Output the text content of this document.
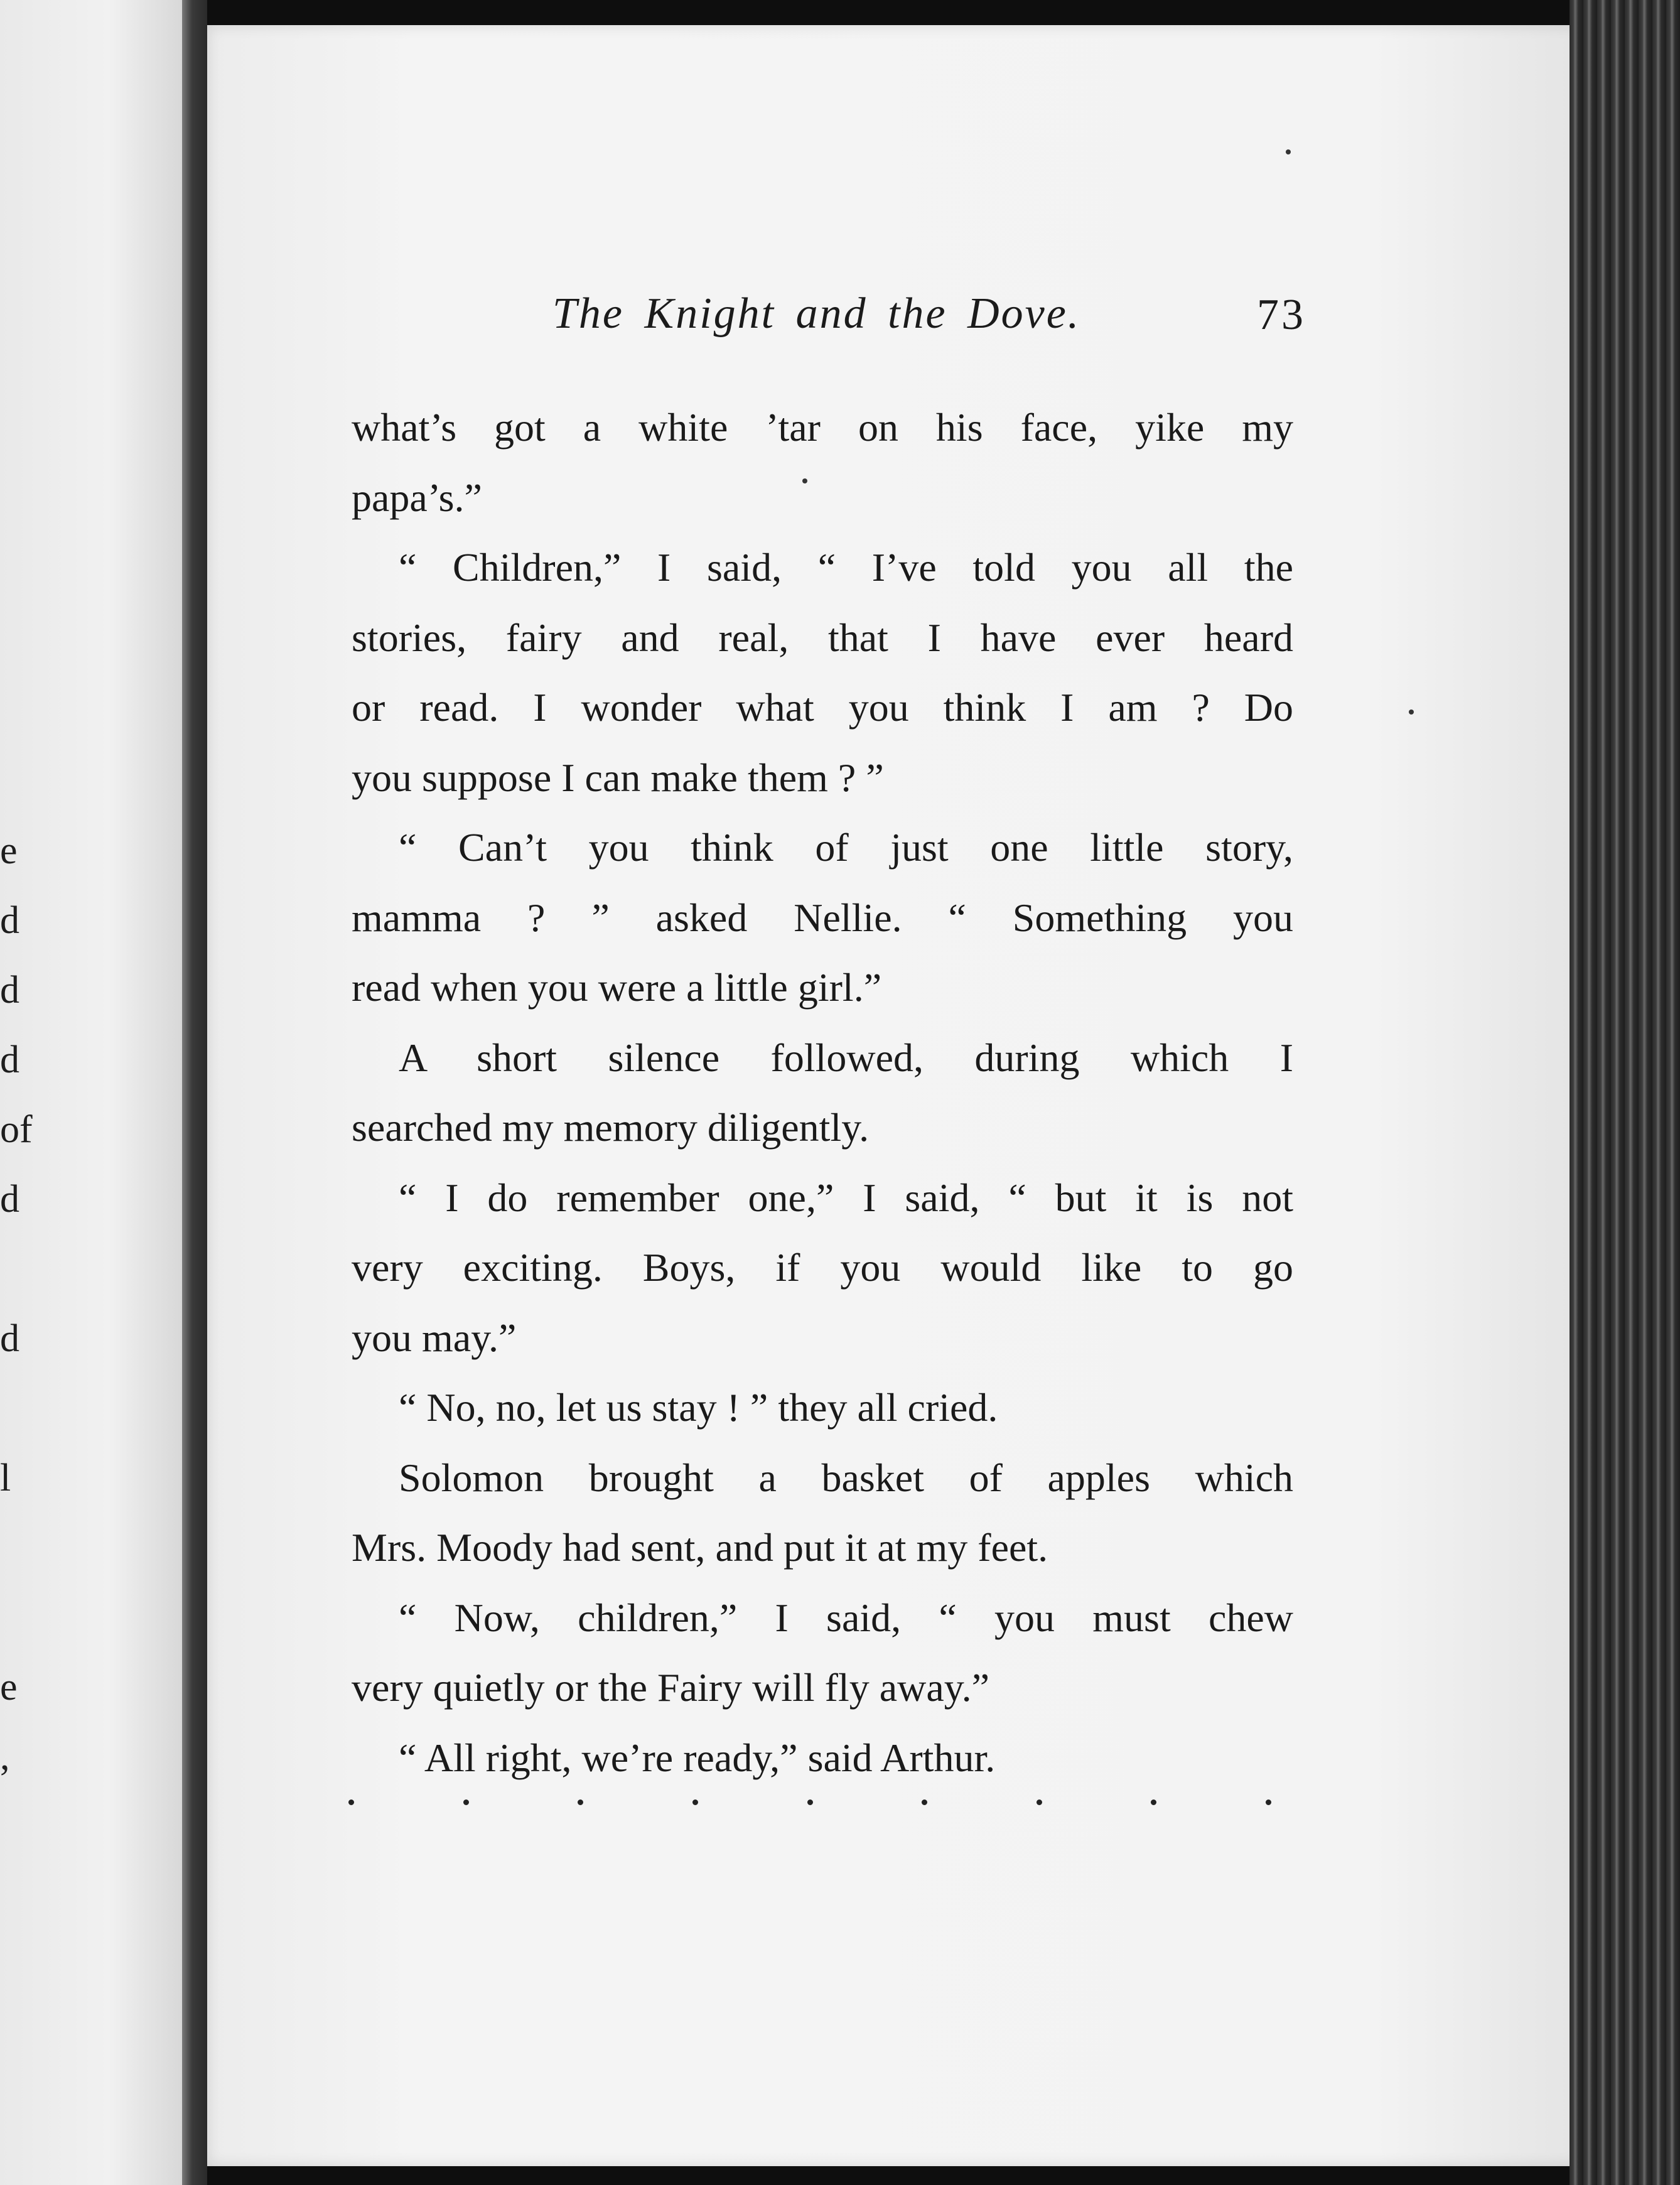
e
d
d
d
of
d
d
l
e
,
The Knight and the Dove.	73
what’s got a white ’tar on his face, yike my
papa’s.”
“ Children,” I said, “ I’ve told you all the
stories, fairy and real, that I have ever heard
or read. I wonder what you think I am ? Do
you suppose I can make them ? ”
“ Can’t you think of just one little story,
mamma ? ” asked Nellie. “ Something you
read when you were a little girl.”
A short silence followed, during which I
searched my memory diligently.
“ I do remember one,” I said, “ but it is not
very exciting. Boys, if you would like to go
you may.”
“ No, no, let us stay ! ” they all cried.
Solomon brought a basket of apples which
Mrs. Moody had sent, and put it at my feet.
“ Now, children,” I said, “ you must chew
very quietly or the Fairy will fly away.”
“ All right, we’re ready,” said Arthur.
